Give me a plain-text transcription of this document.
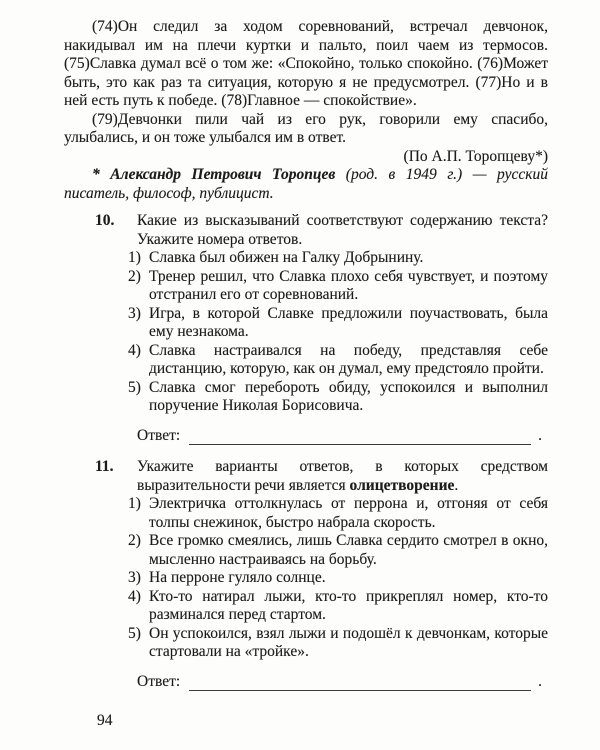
(74)Он следил за ходом соревнований, встречал девчонок, накидывал им на плечи куртки и пальто, поил чаем из термосов. (75)Славка думал всё о том же: «Спокойно, только спокойно. (76)Может быть, это как раз та ситуация, которую я не предусмотрел. (77)Но и в ней есть путь к победе. (78)Главное — спокойствие».

(79)Девчонки пили чай из его рук, говорили ему спасибо, улыбались, и он тоже улыбался им в ответ.

(По А.П. Торопцеву*)

* Александр Петрович Торопцев (род. в 1949 г.) — русский писатель, философ, публицист.

10.	Какие из высказываний соответствуют содержанию текста? Укажите номера ответов.

1) Славка был обижен на Галку Добрынину.

2) Тренер решил, что Славка плохо себя чувствует, и поэтому отстранил его от соревнований.

3) Игра, в которой Славке предложили поучаствовать, была ему незнакома.

4) Славка настраивался на победу, представляя себе дистанцию, которую, как он думал, ему предстояло пройти.

5) Славка смог перебороть обиду, успокоился и выполнил поручение Николая Борисовича.

Ответ:	.
11.	Укажите варианты ответов, в которых средством выразительности речи является олицетворение.

1) Электричка оттолкнулась от перрона и, отгоняя от себя толпы снежинок, быстро набрала скорость.

2) Все громко смеялись, лишь Славка сердито смотрел в окно, мысленно настраиваясь на борьбу.

3) На перроне гуляло солнце.

4) Кто-то натирал лыжи, кто-то прикреплял номер, кто-то разминался перед стартом.

5) Он успокоился, взял лыжи и подошёл к девчонкам, которые стартовали на «тройке».

Ответ:	.
94
